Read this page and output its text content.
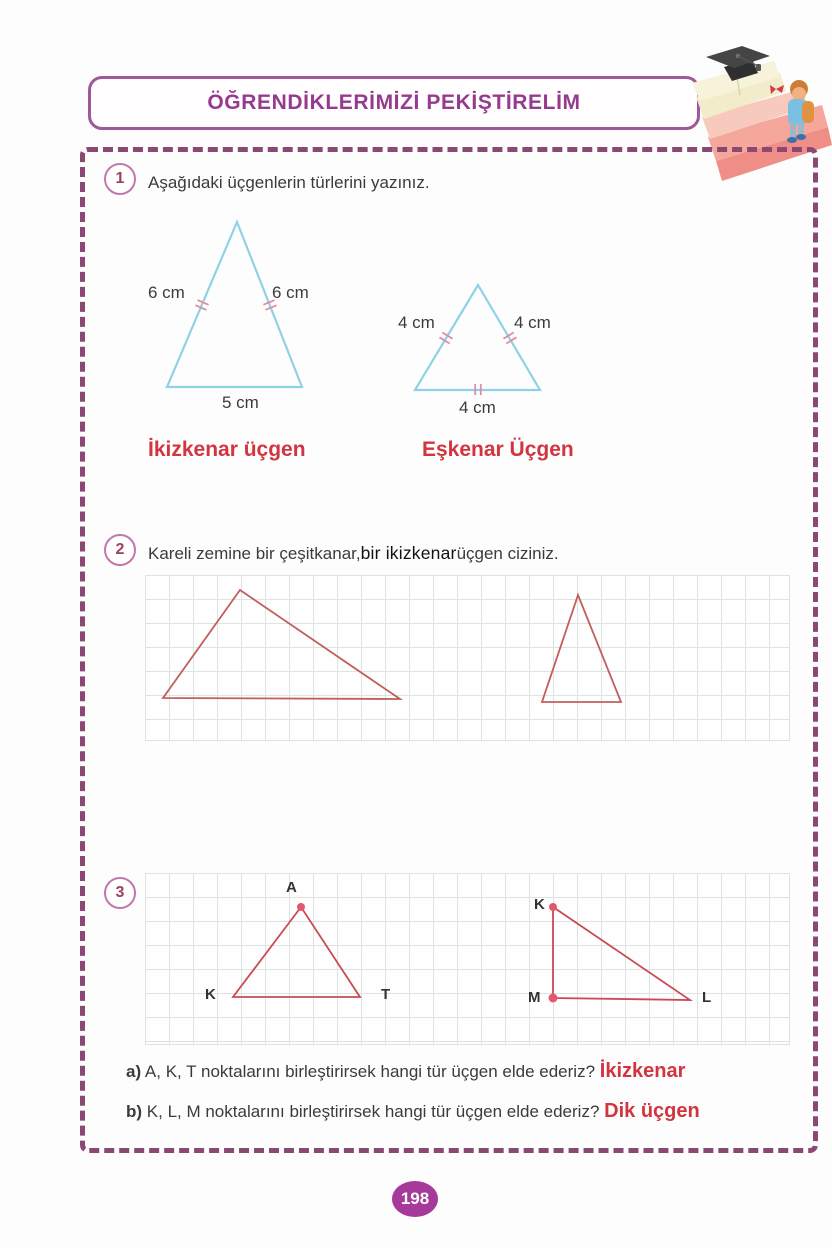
ÖĞRENDİKLERİMİZİ PEKİŞTİRELİM
1 Aşağıdaki üçgenlerin türlerini yazınız.
6 cm	6 cm
5 cm
4 cm	4 cm
4 cm
İkizkenar üçgen	Eşkenar Üçgen
2 Kareli zemine bir çeşitkanar,bir ikizkenarüçgen ciziniz.
3	A
K	T
K
M	L
a) A, K, T noktalarını birleştirirsek hangi tür üçgen elde ederiz? İkizkenar
b) K, L, M noktalarını birleştirirsek hangi tür üçgen elde ederiz? Dik üçgen
198
